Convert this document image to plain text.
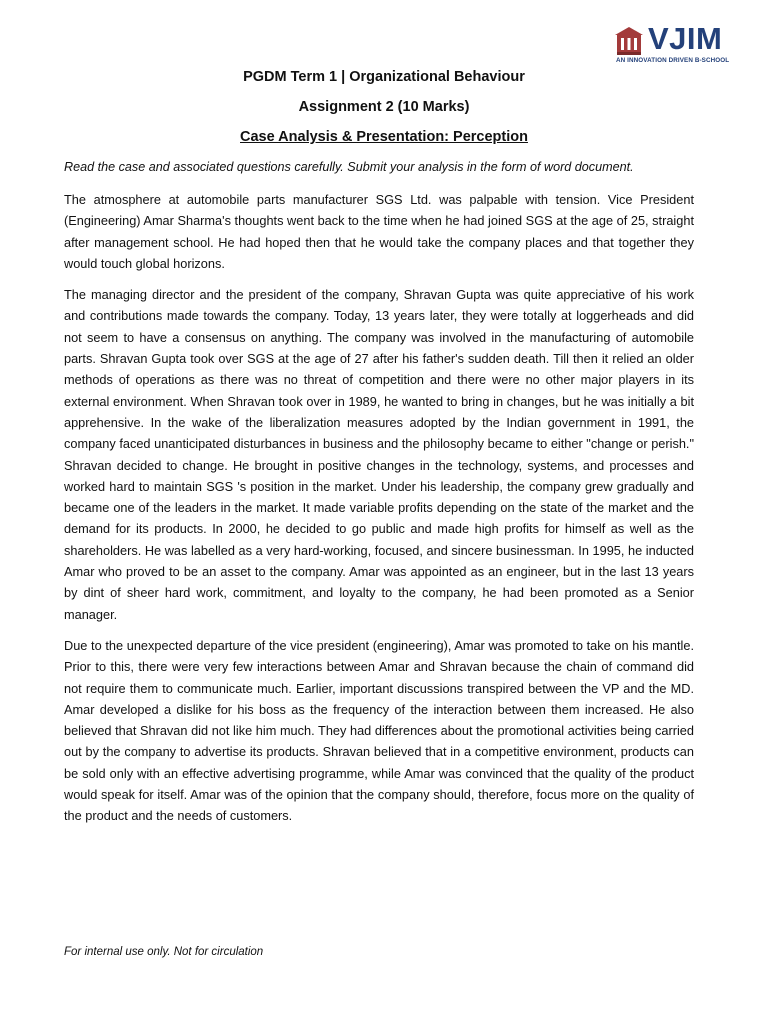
VJIM
AN INNOVATION DRIVEN B-SCHOOL
PGDM Term 1 | Organizational Behaviour
Assignment 2 (10 Marks)
Case Analysis & Presentation: Perception
Read the case and associated questions carefully. Submit your analysis in the form of word document.

The atmosphere at automobile parts manufacturer SGS Ltd. was palpable with tension. Vice President (Engineering) Amar Sharma's thoughts went back to the time when he had joined SGS at the age of 25, straight after management school. He had hoped then that he would take the company places and that together they would touch global horizons.

The managing director and the president of the company, Shravan Gupta was quite appreciative of his work and contributions made towards the company. Today, 13 years later, they were totally at loggerheads and did not seem to have a consensus on anything. The company was involved in the manufacturing of automobile parts. Shravan Gupta took over SGS at the age of 27 after his father's sudden death. Till then it relied an older methods of operations as there was no threat of competition and there were no other major players in its external environment. When Shravan took over in 1989, he wanted to bring in changes, but he was initially a bit apprehensive. In the wake of the liberalization measures adopted by the Indian government in 1991, the company faced unanticipated disturbances in business and the philosophy became to either "change or perish." Shravan decided to change. He brought in positive changes in the technology, systems, and processes and worked hard to maintain SGS 's position in the market. Under his leadership, the company grew gradually and became one of the leaders in the market. It made variable profits depending on the state of the market and the demand for its products. In 2000, he decided to go public and made high profits for himself as well as the shareholders. He was labelled as a very hard-working, focused, and sincere businessman. In 1995, he inducted Amar who proved to be an asset to the company. Amar was appointed as an engineer, but in the last 13 years by dint of sheer hard work, commitment, and loyalty to the company, he had been promoted as a Senior manager.

Due to the unexpected departure of the vice president (engineering), Amar was promoted to take on his mantle. Prior to this, there were very few interactions between Amar and Shravan because the chain of command did not require them to communicate much. Earlier, important discussions transpired between the VP and the MD. Amar developed a dislike for his boss as the frequency of the interaction between them increased. He also believed that Shravan did not like him much. They had differences about the promotional activities being carried out by the company to advertise its products. Shravan believed that in a competitive environment, products can be sold only with an effective advertising programme, while Amar was convinced that the quality of the product would speak for itself. Amar was of the opinion that the company should, therefore, focus more on the quality of the product and the needs of customers.

For internal use only. Not for circulation
